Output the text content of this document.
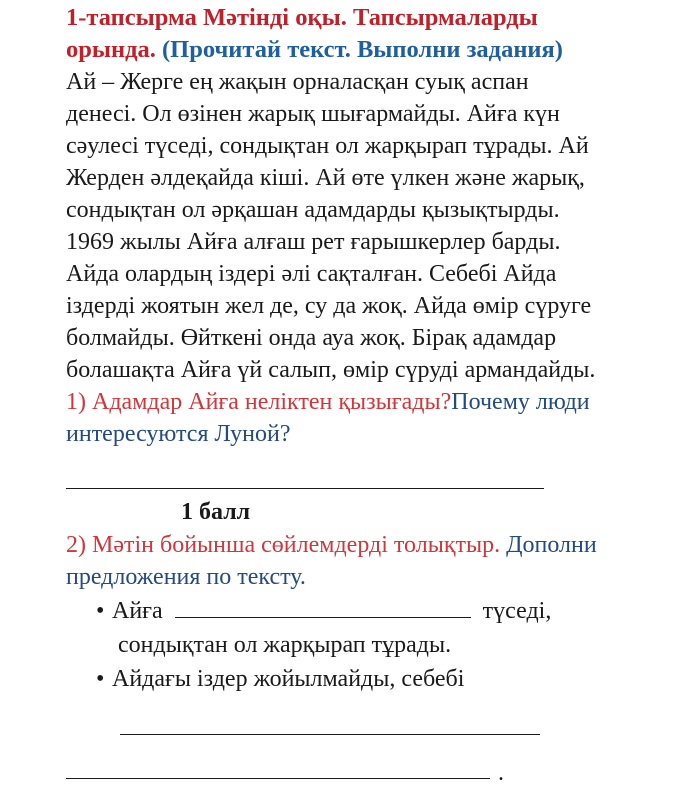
1-тапсырма Мәтінді оқы. Тапсырмаларды
орында. (Прочитай текст. Выполни задания)
Ай – Жерге ең жақын орналасқан суық аспан
денесі. Ол өзінен жарық шығармайды. Айға күн
сәулесі түседі, сондықтан ол жарқырап тұрады. Ай
Жерден әлдеқайда кіші. Ай өте үлкен және жарық,
сондықтан ол әрқашан адамдарды қызықтырды.
1969 жылы Айға алғаш рет ғарышкерлер барды.
Айда олардың іздері әлі сақталған. Себебі Айда
іздерді жоятын жел де, су да жоқ. Айда өмір сүруге
болмайды. Өйткені онда ауа жоқ. Бірақ адамдар
болашақта Айға үй салып, өмір сүруді армандайды.
1) Адамдар Айға неліктен қызығады?Почему люди
интересуются Луной?
1 балл
2) Мәтін бойынша сөйлемдерді толықтыр. Дополни
предложения по тексту.
• Айға	түседі,
сондықтан ол жарқырап тұрады.
• Айдағы іздер жойылмайды, себебі
.
